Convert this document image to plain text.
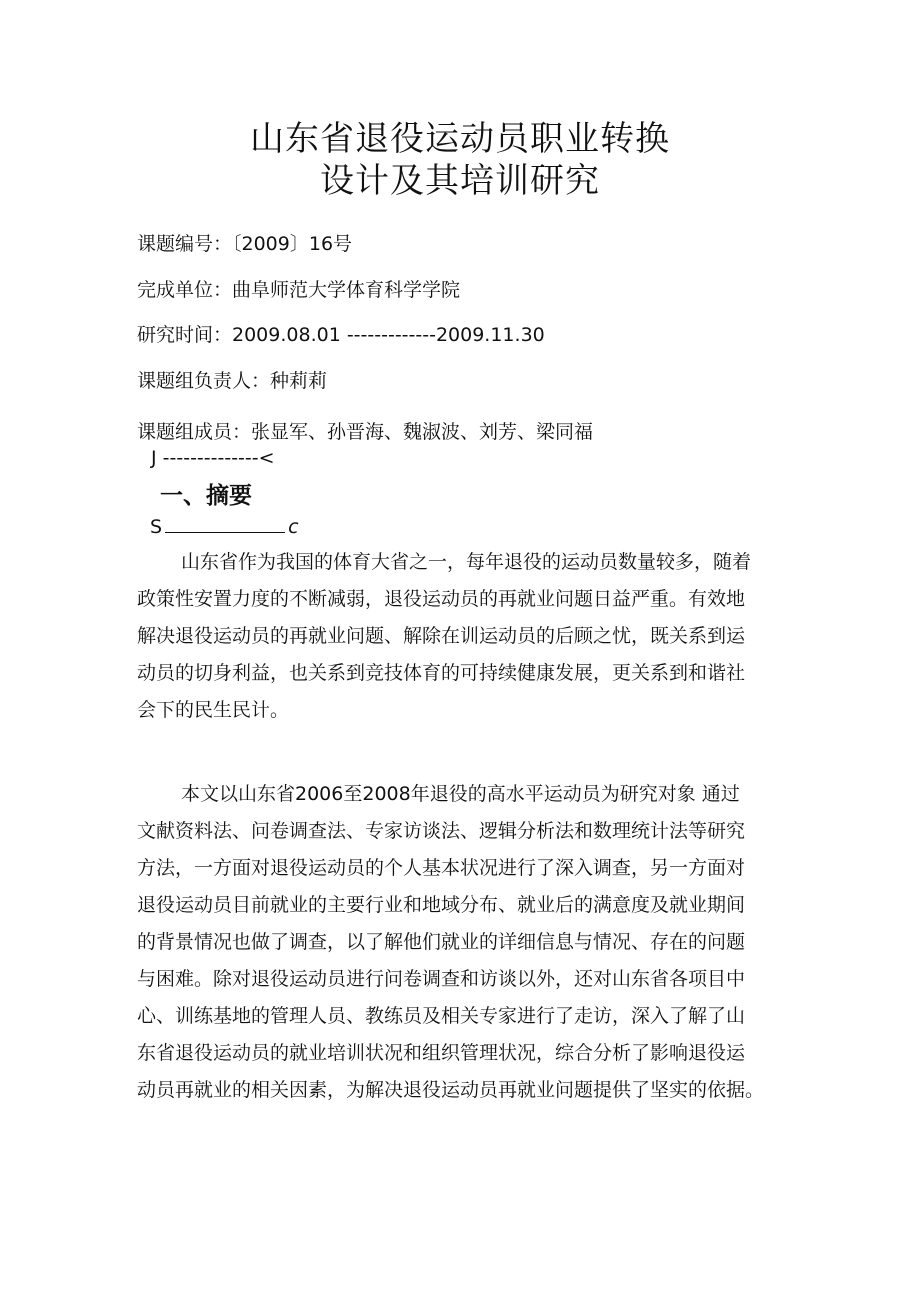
山东省退役运动员职业转换
设计及其培训研究
课题编号：〔2009〕16号
完成单位：曲阜师范大学体育科学学院
研究时间：2009.08.01 -------------2009.11.30
课题组负责人：种莉莉
课题组成员：张显军、孙晋海、魏淑波、刘芳、梁同福
J --------------<
一、摘要
S	c
山东省作为我国的体育大省之一，每年退役的运动员数量较多，随着
政策性安置力度的不断减弱，退役运动员的再就业问题日益严重。有效地
解决退役运动员的再就业问题、解除在训运动员的后顾之忧，既关系到运
动员的切身利益，也关系到竞技体育的可持续健康发展，更关系到和谐社
会下的民生民计。
本文以山东省2006至2008年退役的高水平运动员为研究对象 通过
文献资料法、问卷调查法、专家访谈法、逻辑分析法和数理统计法等研究
方法，一方面对退役运动员的个人基本状况进行了深入调查，另一方面对
退役运动员目前就业的主要行业和地域分布、就业后的满意度及就业期间
的背景情况也做了调查，以了解他们就业的详细信息与情况、存在的问题
与困难。除对退役运动员进行问卷调查和访谈以外，还对山东省各项目中
心、训练基地的管理人员、教练员及相关专家进行了走访，深入了解了山
东省退役运动员的就业培训状况和组织管理状况，综合分析了影响退役运
动员再就业的相关因素，为解决退役运动员再就业问题提供了坚实的依据。
